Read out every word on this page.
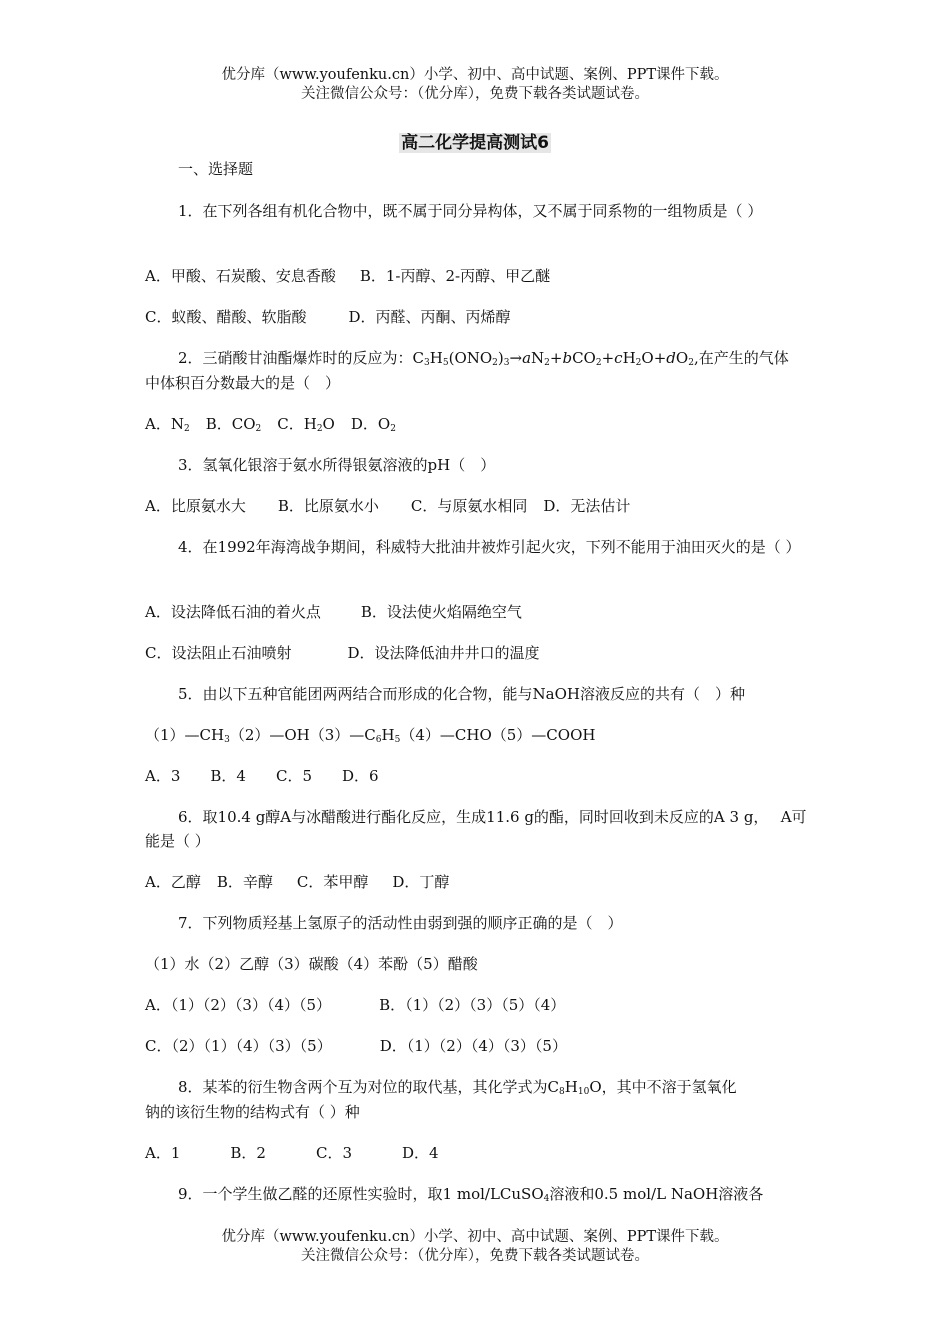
优分库（www.youfenku.cn）小学、初中、高中试题、案例、PPT课件下载。
关注微信公众号：（优分库），免费下载各类试题试卷。
高二化学提高测试6
一、选择题
1．在下列各组有机化合物中，既不属于同分异构体，又不属于同系物的一组物质是（ ）
A．甲酸、石炭酸、安息香酸 B．1-丙醇、2-丙醇、甲乙醚
C．蚁酸、醋酸、软脂酸	D．丙醛、丙酮、丙烯醇
2．三硝酸甘油酯爆炸时的反应为：$C_3H_5(ONO_2)_3\to aN_2+bCO_2+cH_2O+dO_2$,在产生的气体
中体积百分数最大的是（　）
A．$N_2$ B．$CO_2$ C．$H_2O$ D．$O_2$
3．氢氧化银溶于氨水所得银氨溶液的pH（　）
A．比原氨水大 B．比原氨水小 C．与原氨水相同 D．无法估计
4．在1992年海湾战争期间，科威特大批油井被炸引起火灾，下列不能用于油田灭火的是（ ）
A．设法降低石油的着火点	B．设法使火焰隔绝空气
C．设法阻止石油喷射	D．设法降低油井井口的温度
5．由以下五种官能团两两结合而形成的化合物，能与NaOH溶液反应的共有（　）种
$(1)—CH_3(2)—OH(3)—C_6H_5(4)—CHO(5)—COOH$
A．3 B．4 C．5 D．6
6．取10.4 g醇A与冰醋酸进行酯化反应，生成11.6 g的酯，同时回收到未反应的A 3 g，　 A可能是（ ）
A．乙醇 B．辛醇 C．苯甲醇 D．丁醇
7．下列物质羟基上氢原子的活动性由弱到强的顺序正确的是（　）
（1）水（2）乙醇（3）碳酸（4）苯酚（5）醋酸
A．（1）（2）（3）（4）（5）	B．（1）（2）（3）（5）（4）
C．（2）（1）（4）（3）（5）	D．（1）（2）（4）（3）（5）
8．某苯的衍生物含两个互为对位的取代基，其化学式为$C_8H_{10}O$，其中不溶于氢氧化
钠的该衍生物的结构式有（ ）种
A．1	B．2	C．3	D．4
9．一个学生做乙醛的还原性实验时，取1 mol/LCuSO$_4$溶液和0.5 mol/L NaOH溶液各
优分库（www.youfenku.cn）小学、初中、高中试题、案例、PPT课件下载。
关注微信公众号：（优分库），免费下载各类试题试卷。
